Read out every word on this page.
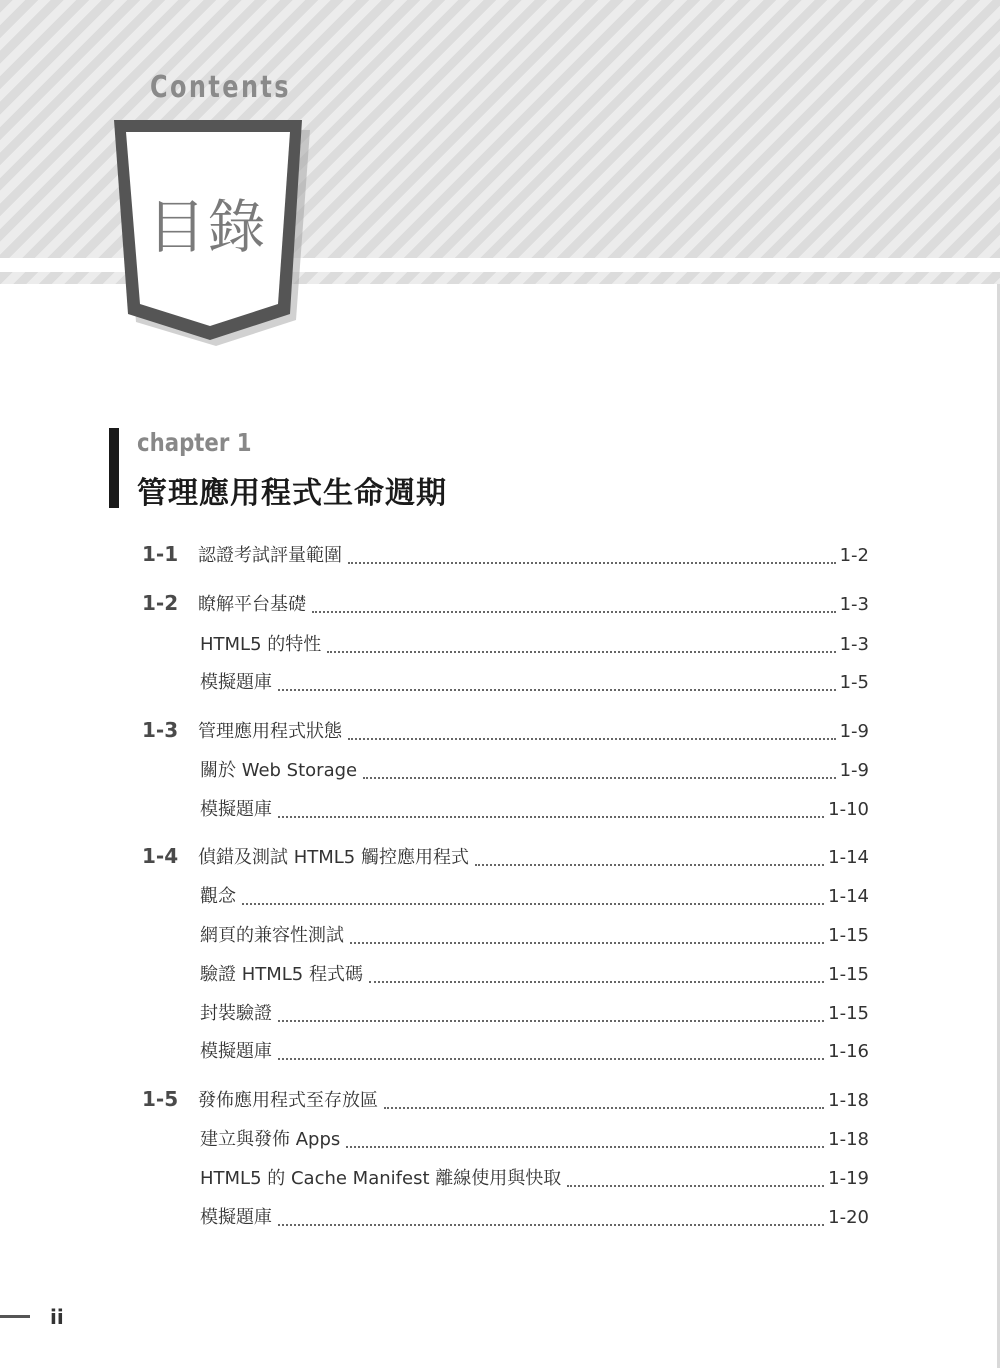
Contents
目錄
chapter 1
管理應用程式生命週期
1-1	認證考試評量範圍	1-2
1-2	瞭解平台基礎	1-3
HTML5 的特性	1-3
模擬題庫	1-5
1-3	管理應用程式狀態	1-9
關於 Web Storage	1-9
模擬題庫	1-10
1-4	偵錯及測試 HTML5 觸控應用程式	1-14
觀念	1-14
網頁的兼容性測試	1-15
驗證 HTML5 程式碼	1-15
封裝驗證	1-15
模擬題庫	1-16
1-5	發佈應用程式至存放區	1-18
建立與發佈 Apps	1-18
HTML5 的 Cache Manifest 離線使用與快取	1-19
模擬題庫	1-20
ii
